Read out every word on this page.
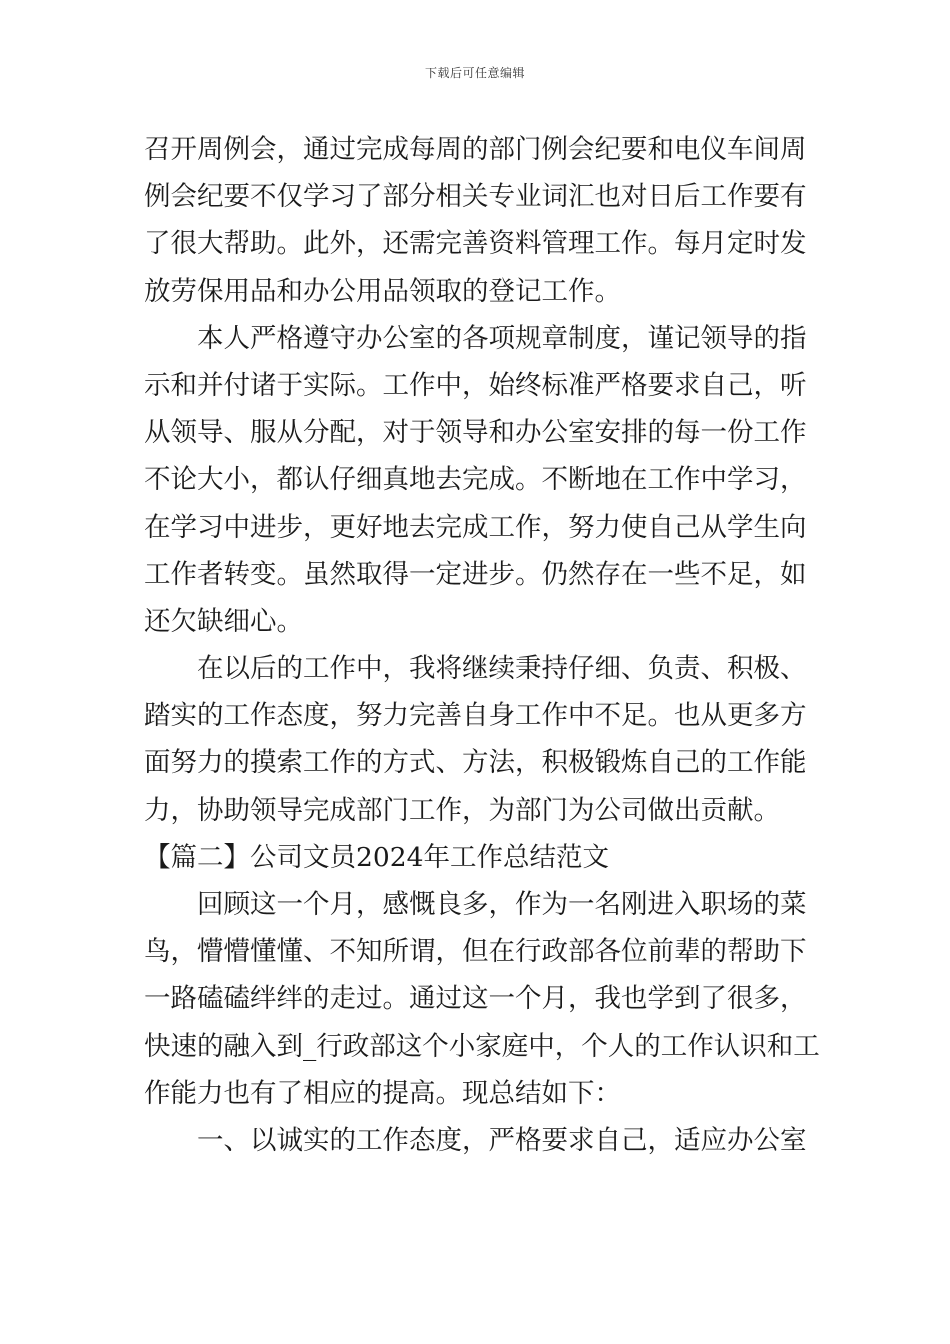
下载后可任意编辑
召开周例会，通过完成每周的部门例会纪要和电仪车间周
例会纪要不仅学习了部分相关专业词汇也对日后工作要有
了很大帮助。此外，还需完善资料管理工作。每月定时发
放劳保用品和办公用品领取的登记工作。
本人严格遵守办公室的各项规章制度，谨记领导的指
示和并付诸于实际。工作中，始终标准严格要求自己，听
从领导、服从分配，对于领导和办公室安排的每一份工作
不论大小，都认仔细真地去完成。不断地在工作中学习，
在学习中进步，更好地去完成工作，努力使自己从学生向
工作者转变。虽然取得一定进步。仍然存在一些不足，如
还欠缺细心。
在以后的工作中，我将继续秉持仔细、负责、积极、
踏实的工作态度，努力完善自身工作中不足。也从更多方
面努力的摸索工作的方式、方法，积极锻炼自己的工作能
力，协助领导完成部门工作，为部门为公司做出贡献。
【篇二】公司文员2024年工作总结范文
回顾这一个月，感慨良多，作为一名刚进入职场的菜
鸟，懵懵懂懂、不知所谓，但在行政部各位前辈的帮助下
一路磕磕绊绊的走过。通过这一个月，我也学到了很多，
快速的融入到_行政部这个小家庭中，个人的工作认识和工
作能力也有了相应的提高。现总结如下：
一、以诚实的工作态度，严格要求自己，适应办公室
